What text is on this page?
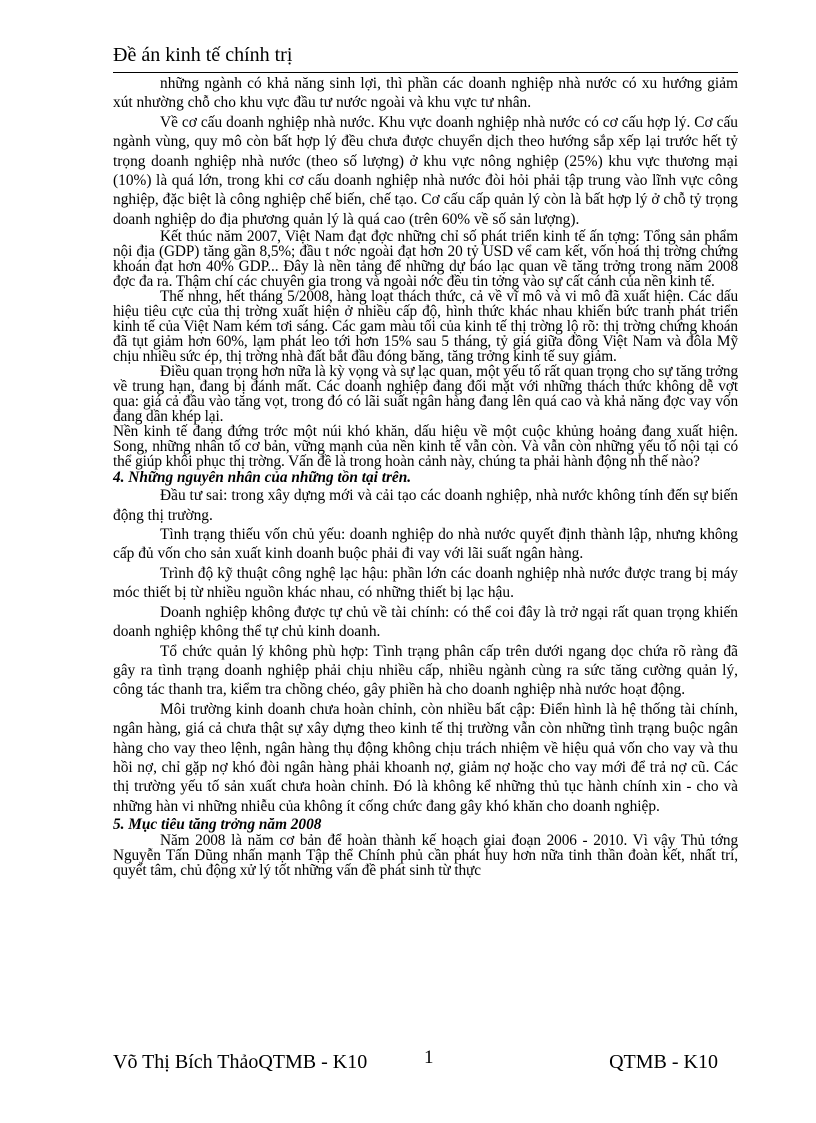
Đề án kinh tế chính trị

những ngành có khả năng sinh lợi, thì phần các doanh nghiệp nhà nước có xu hướng giảm xút nhường chỗ cho khu vực đầu tư nước ngoài và khu vực tư nhân.

Về cơ cấu doanh nghiệp nhà nước. Khu vực doanh nghiệp nhà nước có cơ cấu hợp lý. Cơ cấu ngành vùng, quy mô còn bất hợp lý đều chưa được chuyển dịch theo hướng sắp xếp lại trước hết tỷ trọng doanh nghiệp nhà nước (theo số lượng) ở khu vực nông nghiệp (25%) khu vực thương mại (10%) là quá lớn, trong khi cơ cấu doanh nghiệp nhà nước đòi hỏi phải tập trung vào lĩnh vực công nghiệp, đặc biệt là công nghiệp chế biến, chế tạo. Cơ cấu cấp quản lý còn là bất hợp lý ở chỗ tỷ trọng doanh nghiệp do địa phương quản lý là quá cao (trên 60% về số sản lượng).

Kết thúc năm 2007, Việt Nam đạt đợc những chỉ số phát triển kinh tế ấn tợng: Tổng sản phẩm nội địa (GDP) tăng gần 8,5%; đầu t nớc ngoài đạt hơn 20 tỷ USD vể cam kết, vốn hoá thị trờng chứng khoán đạt hơn 40% GDP... Đây là nền tảng để những dự báo lạc quan về tăng trởng trong năm 2008 đợc đa ra. Thậm chí các chuyên gia trong và ngoài nớc đều tin tởng vào sự cất cánh của nền kinh tế.

Thế nhng, hết tháng 5/2008, hàng loạt thách thức, cả về vĩ mô và vi mô đã xuất hiện. Các dấu hiệu tiêu cực của thị trờng xuất hiện ở nhiều cấp độ, hình thức khác nhau khiến bức tranh phát triển kinh tế của Việt Nam kém tơi sáng. Các gam màu tối của kinh tế thị trờng lộ rõ: thị trờng chứng khoán đã tụt giảm hơn 60%, lạm phát leo tới hơn 15% sau 5 tháng, tỷ giá giữa đồng Việt Nam và đôla Mỹ chịu nhiều sức ép, thị trờng nhà đất bắt đầu đóng băng, tăng trởng kinh tế suy giảm.

Điều quan trọng hơn nữa là kỳ vọng và sự lạc quan, một yếu tố rất quan trọng cho sự tăng trởng về trung hạn, đang bị đánh mất. Các doanh nghiệp đang đối mặt với những thách thức không dễ vợt qua: giá cả đầu vào tăng vọt, trong đó có lãi suất ngân hàng đang lên quá cao và khả năng đợc vay vốn đang dần khép lại.

Nền kinh tế đang đứng trớc một núi khó khăn, dấu hiệu về một cuộc khủng hoảng đang xuất hiện. Song, những nhân tố cơ bản, vững mạnh của nền kinh tế vẫn còn. Và vẫn còn những yếu tố nội tại có thể giúp khôi phục thị trờng. Vấn đề là trong hoàn cảnh này, chúng ta phải hành động nh thế nào?

4. Những nguyên nhân của những tồn tại trên.

Đầu tư sai: trong xây dựng mới và cải tạo các doanh nghiệp, nhà nước không tính đến sự biến động thị trường.

Tình trạng thiếu vốn chủ yếu: doanh nghiệp do nhà nước quyết định thành lập, nhưng không cấp đủ vốn cho sản xuất kinh doanh buộc phải đi vay với lãi suất ngân hàng.

Trình độ kỹ thuật công nghệ lạc hậu: phần lớn các doanh nghiệp nhà nước được trang bị máy móc thiết bị từ nhiều nguồn khác nhau, có những thiết bị lạc hậu.

Doanh nghiệp không được tự chủ về tài chính: có thể coi đây là trở ngại rất quan trọng khiến doanh nghiệp không thể tự chủ kinh doanh.

Tổ chức quản lý không phù hợp: Tình trạng phân cấp trên dưới ngang dọc chứa rõ ràng đã gây ra tình trạng doanh nghiệp phải chịu nhiều cấp, nhiều ngành cùng ra sức tăng cường quản lý, công tác thanh tra, kiểm tra chồng chéo, gây phiền hà cho doanh nghiệp nhà nước hoạt động.

Môi trường kinh doanh chưa hoàn chỉnh, còn nhiều bất cập: Điển hình là hệ thống tài chính, ngân hàng, giá cả chưa thật sự xây dựng theo kinh tế thị trường vẫn còn những tình trạng buộc ngân hàng cho vay theo lệnh, ngân hàng thụ động không chịu trách nhiệm về hiệu quả vốn cho vay và thu hồi nợ, chỉ gặp nợ khó đòi ngân hàng phải khoanh nợ, giảm nợ hoặc cho vay mới để trả nợ cũ. Các thị trường yếu tố sản xuất chưa hoàn chỉnh. Đó là không kể những thủ tục hành chính xin - cho và những hàn vi những nhiễu của không ít cống chức đang gây khó khăn cho doanh nghiệp.

5. Mục tiêu tăng trởng năm 2008

Năm 2008 là năm cơ bản để hoàn thành kế hoạch giai đoạn 2006 - 2010. Vì vậy Thủ tớng Nguyễn Tấn Dũng nhấn mạnh Tập thể Chính phủ cần phát huy hơn nữa tinh thần đoàn kết, nhất trí, quyết tâm, chủ động xử lý tốt những vấn đề phát sinh từ thực

Võ Thị Bích ThảoQTMB - K10	1	QTMB - K10
